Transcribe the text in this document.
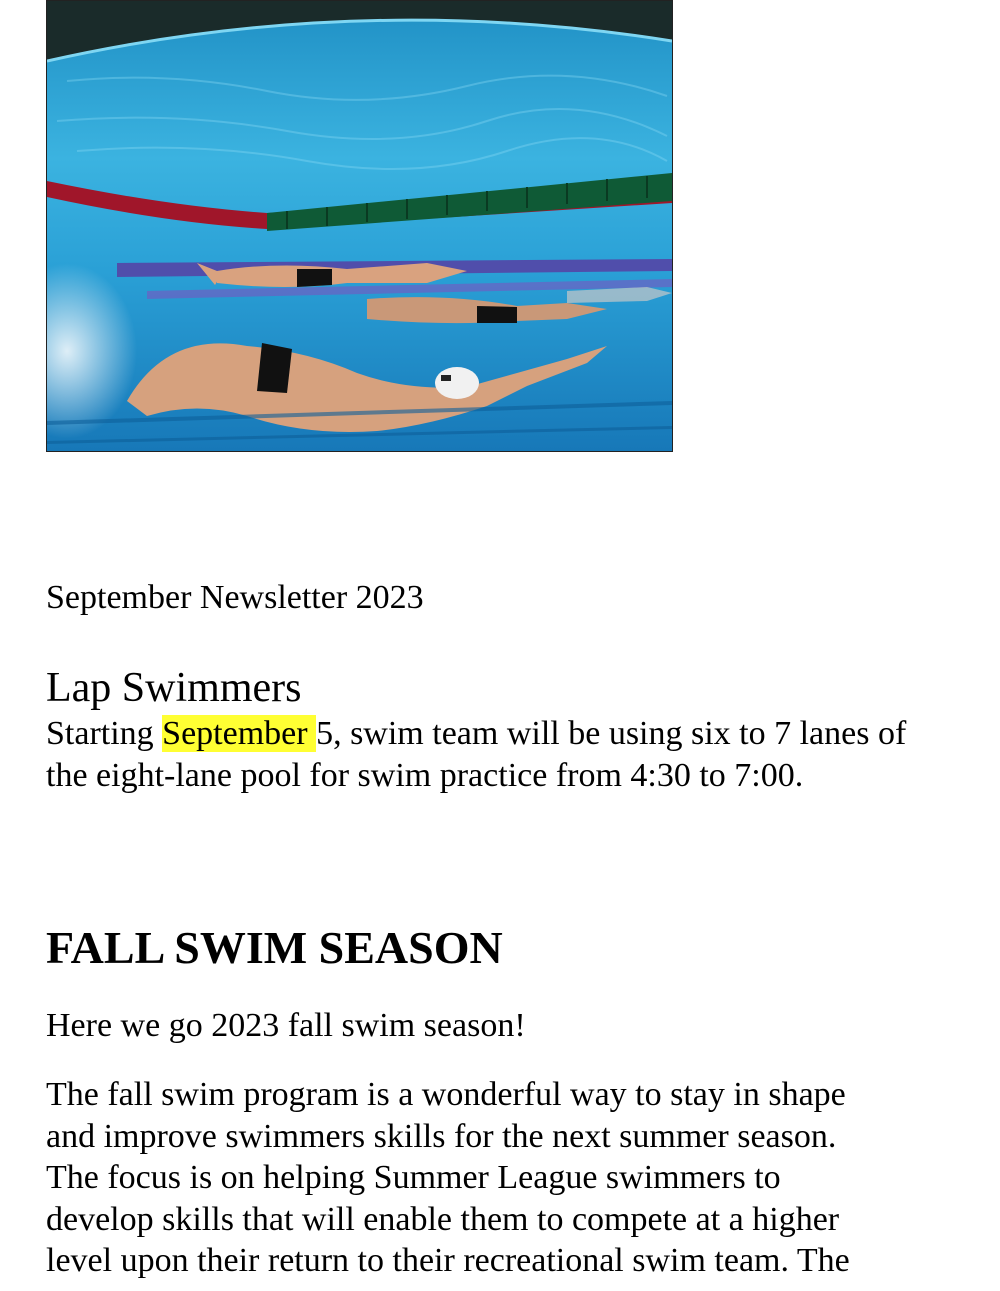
September Newsletter 2023
Lap Swimmers
Starting September 5, swim team will be using six to 7 lanes of the eight-lane pool for swim practice from 4:30 to 7:00.
FALL SWIM SEASON
Here we go 2023 fall swim season!
The fall swim program is a wonderful way to stay in shape
and improve swimmers skills for the next summer season.
The focus is on helping Summer League swimmers to
develop skills that will enable them to compete at a higher
level upon their return to their recreational swim team. The
